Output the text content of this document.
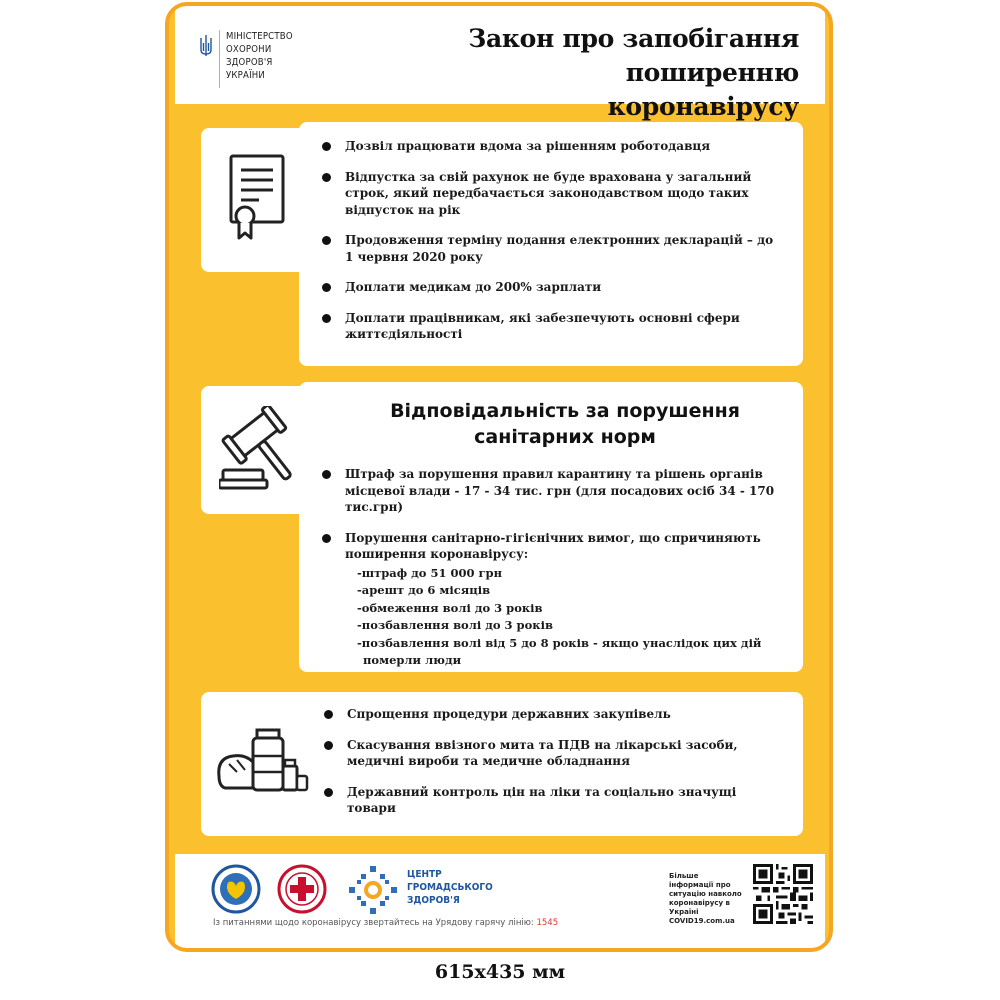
МІНІСТЕРСТВО
ОХОРОНИ
ЗДОРОВ'Я
УКРАЇНИ
Закон про запобігання
поширенню коронавірусу
Дозвіл працювати вдома за рішенням роботодавця
Відпустка за свій рахунок не буде врахована у загальний строк, який передбачається законодавством щодо таких відпусток на рік
Продовження терміну подання електронних декларацій – до 1 червня 2020 року
Доплати медикам до 200% зарплати
Доплати працівникам, які забезпечують основні сфери життєдіяльності
Відповідальність за порушення
санітарних норм
Штраф за порушення правил карантину та рішень органів місцевої влади - 17 - 34 тис. грн (для посадових осіб 34 - 170 тис.грн)
Порушення санітарно-гігієнічних вимог, що спричиняють поширення коронавірусу:
-штраф до 51 000 грн
-арешт до 6 місяців
-обмеження волі до 3 років
-позбавлення волі до 3 років
-позбавлення волі від 5 до 8 років - якщо унаслідок цих дій
померли люди
Спрощення процедури державних закупівель
Скасування ввізного мита та ПДВ на лікарські засоби, медичні вироби та медичне обладнання
Державний контроль цін на ліки та соціально значущі товари
ЦЕНТР
ГРОМАДСЬКОГО
ЗДОРОВ'Я
Із питаннями щодо коронавірусу звертайтесь на Урядову гарячу лінію: 1545
Більше
інформації про
ситуацію навколо
коронавірусу в
Україні
COVID19.com.ua
615x435 мм
